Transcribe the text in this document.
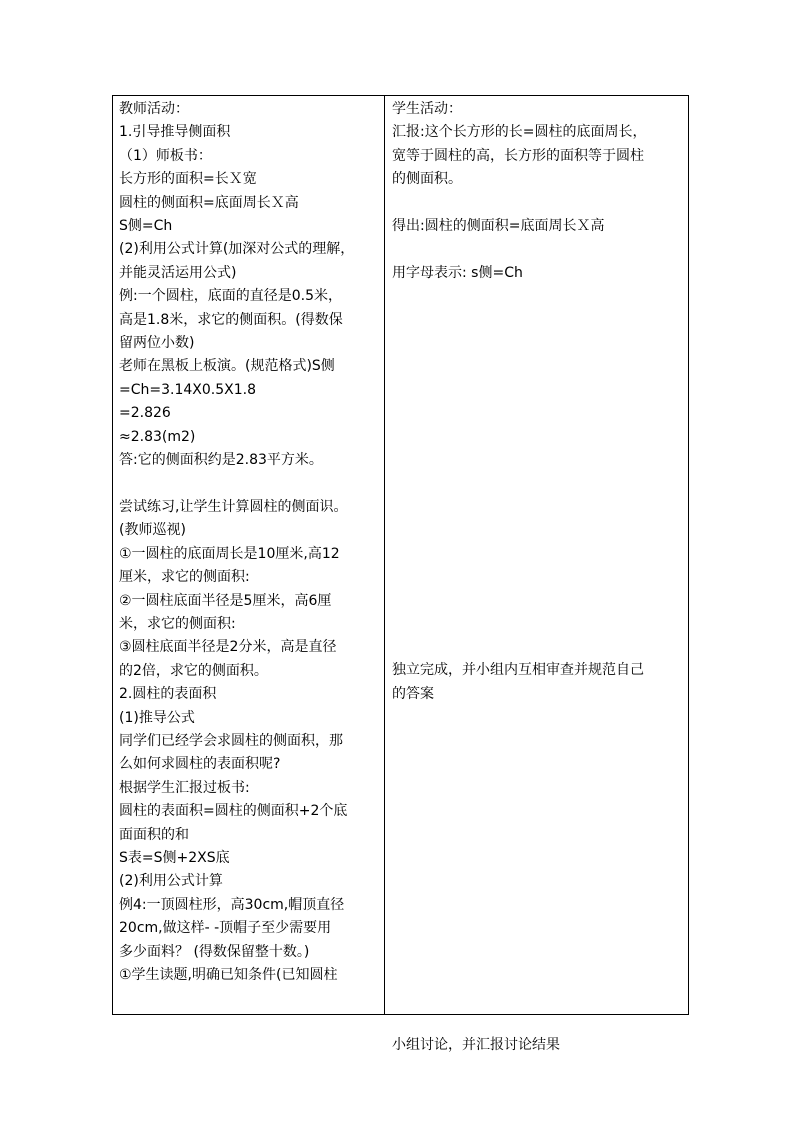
教师活动：
1.引导推导侧面积
（1）师板书：
长方形的面积=长Ｘ宽
圆柱的侧面积=底面周长Ｘ高
S侧=Ch
(2)利用公式计算(加深对公式的理解，
并能灵活运用公式)
例:一个圆柱，底面的直径是0.5米，
高是1.8米，求它的侧面积。(得数保
留两位小数)
老师在黑板上板演。(规范格式)S侧
=Ch=3.14X0.5X1.8
=2.826
≈2.83(m2)
答:它的侧面积约是2.83平方米。
尝试练习,让学生计算圆柱的侧面识。
(教师巡视)
①一圆柱的底面周长是10厘米,高12
厘米，求它的侧面积:
②一圆柱底面半径是5厘米，高6厘
米，求它的侧面积:
③圆柱底面半径是2分米，高是直径
的2倍，求它的侧面积。
2.圆柱的表面积
(1)推导公式
同学们已经学会求圆柱的侧面积，那
么如何求圆柱的表面积呢?
根据学生汇报过板书:
圆柱的表面积=圆柱的侧面积+2个底
面面积的和
S表=S侧+2XS底
(2)利用公式计算
例4:一顶圆柱形，高30cm,帽顶直径
20cm,做这样- -顶帽子至少需要用
多少面料？ (得数保留整十数。)
①学生读题,明确已知条件(已知圆柱
学生活动：
汇报:这个长方形的长=圆柱的底面周长，
宽等于圆柱的高，长方形的面积等于圆柱
的侧面积。
得出:圆柱的侧面积=底面周长Ｘ高
用字母表示: s侧=Ch
独立完成，并小组内互相审查并规范自己
的答案
小组讨论，并汇报讨论结果
